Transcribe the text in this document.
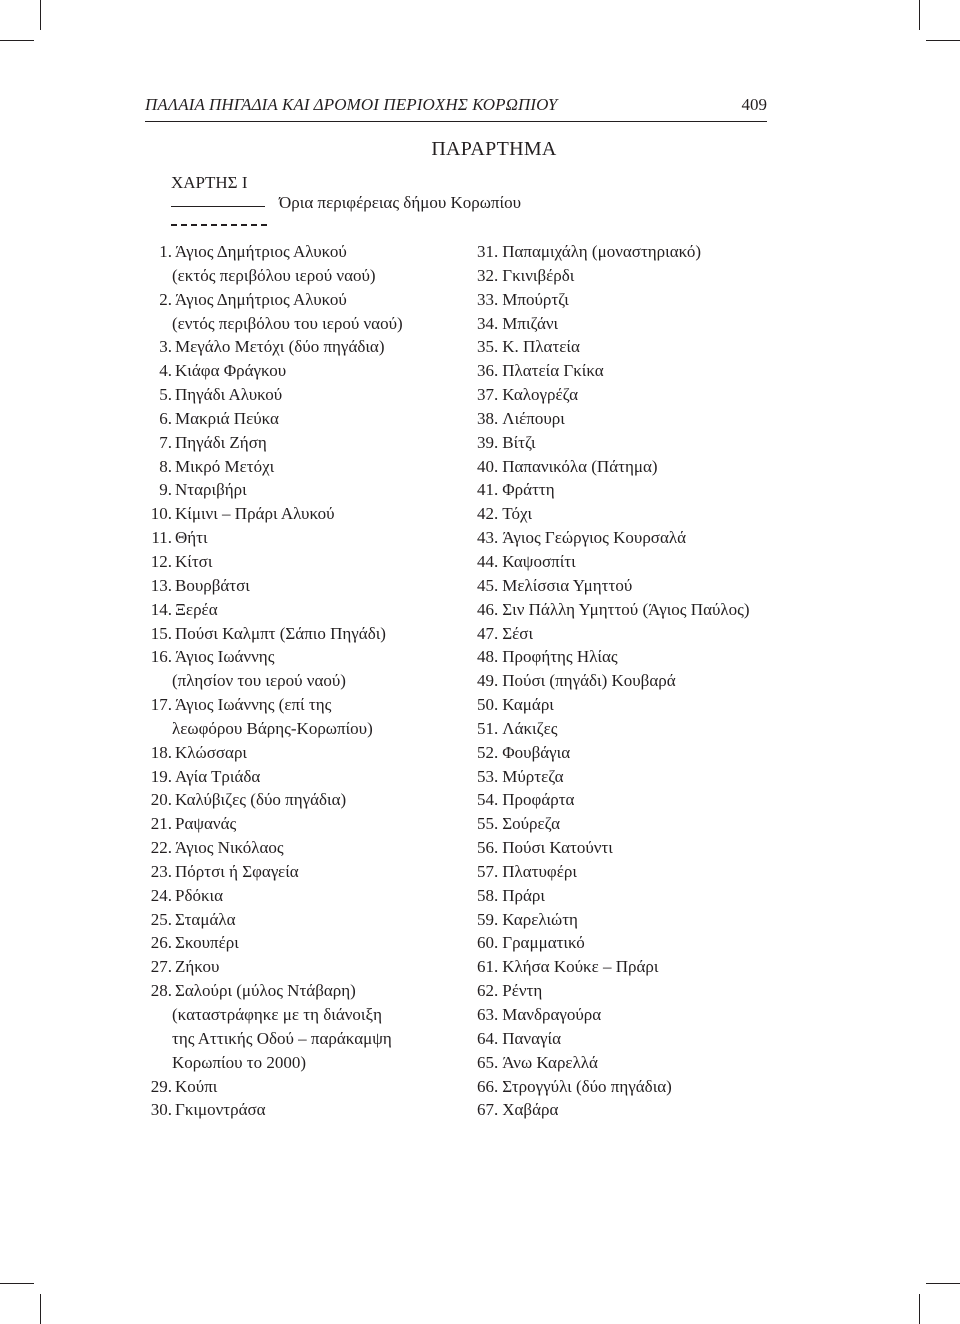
ΠΑΛΑΙΑ ΠΗΓΑΔΙΑ ΚΑΙ ΔΡΟΜΟΙ ΠΕΡΙΟΧΗΣ ΚΟΡΩΠΙΟΥ	409
ΠΑΡΑΡΤΗΜΑ
ΧΑΡΤΗΣ Ι
Όρια περιφέρειας δήμου Κορωπίου
1. Άγιος Δημήτριος Αλυκού
(εκτός περιβόλου ιερού ναού)
2. Άγιος Δημήτριος Αλυκού
(εντός περιβόλου του ιερού ναού)
3. Μεγάλο Μετόχι (δύο πηγάδια)
4. Κιάφα Φράγκου
5. Πηγάδι Αλυκού
6. Μακριά Πεύκα
7. Πηγάδι Ζήση
8. Μικρό Μετόχι
9. Νταριβήρι
10. Κίμινι – Πράρι Αλυκού
11. Θήτι
12. Κίτσι
13. Βουρβάτσι
14. Ξερέα
15. Πούσι Καλμπτ (Σάπιο Πηγάδι)
16. Άγιος Ιωάννης
(πλησίον του ιερού ναού)
17. Άγιος Ιωάννης (επί της
λεωφόρου Βάρης-Κορωπίου)
18. Κλώσσαρι
19. Αγία Τριάδα
20. Καλύβιζες (δύο πηγάδια)
21. Ραψανάς
22. Άγιος Νικόλαος
23. Πόρτσι ή Σφαγεία
24. Ρδόκια
25. Σταμάλα
26. Σκουπέρι
27. Ζήκου
28. Σαλούρι (μύλος Ντάβαρη)
(καταστράφηκε με τη διάνοιξη
της Αττικής Οδού – παράκαμψη
Κορωπίου το 2000)
29. Κούπι
30. Γκιμοντράσα
31. Παπαμιχάλη (μοναστηριακό)
32. Γκινιβέρδι
33. Μπούρτζι
34. Μπιζάνι
35. Κ. Πλατεία
36. Πλατεία Γκίκα
37. Καλογρέζα
38. Λιέπουρι
39. Βίτζι
40. Παπανικόλα (Πάτημα)
41. Φράττη
42. Τόχι
43. Άγιος Γεώργιος Κουρσαλά
44. Καψοσπίτι
45. Μελίσσια Υμηττού
46. Σιν Πάλλη Υμηττού (Άγιος Παύλος)
47. Σέσι
48. Προφήτης Ηλίας
49. Πούσι (πηγάδι) Κουβαρά
50. Καμάρι
51. Λάκιζες
52. Φουβάγια
53. Μύρτεζα
54. Προφάρτα
55. Σούρεζα
56. Πούσι Κατούντι
57. Πλατυφέρι
58. Πράρι
59. Καρελιώτη
60. Γραμματικό
61. Κλήσα Κούκε – Πράρι
62. Ρέντη
63. Μανδραγούρα
64. Παναγία
65. Άνω Καρελλά
66. Στρογγύλι (δύο πηγάδια)
67. Χαβάρα
